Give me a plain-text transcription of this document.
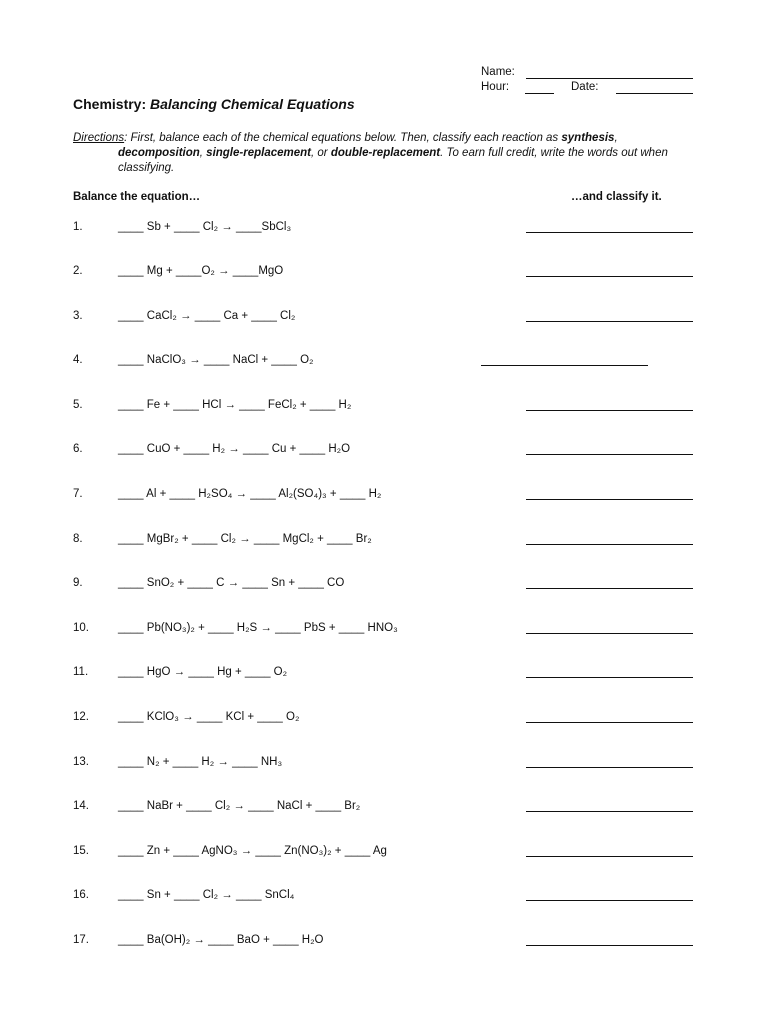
Name:
Hour:	Date:
Chemistry: Balancing Chemical Equations
Directions: First, balance each of the chemical equations below. Then, classify each reaction as synthesis,
decomposition, single-replacement, or double-replacement. To earn full credit, write the words out when classifying.
Balance the equation…	…and classify it.
1.	____ Sb + ____ Cl₂ → ____SbCl₃
2.	____ Mg + ____O₂ → ____MgO
3.	____ CaCl₂ → ____ Ca + ____ Cl₂
4.	____ NaClO₃ → ____ NaCl + ____ O₂
5.	____ Fe + ____ HCl → ____ FeCl₂ + ____ H₂
6.	____ CuO + ____ H₂ → ____ Cu + ____ H₂O
7.	____ Al + ____ H₂SO₄ → ____ Al₂(SO₄)₃ + ____ H₂
8.	____ MgBr₂ + ____ Cl₂ → ____ MgCl₂ + ____ Br₂
9.	____ SnO₂ + ____ C → ____ Sn + ____ CO
10.	____ Pb(NO₃)₂ + ____ H₂S → ____ PbS + ____ HNO₃
11.	____ HgO → ____ Hg + ____ O₂
12.	____ KClO₃ → ____ KCl + ____ O₂
13.	____ N₂ + ____ H₂ → ____ NH₃
14.	____ NaBr + ____ Cl₂ → ____ NaCl + ____ Br₂
15.	____ Zn + ____ AgNO₃ → ____ Zn(NO₃)₂ + ____ Ag
16.	____ Sn + ____ Cl₂ → ____ SnCl₄
17.	____ Ba(OH)₂ → ____ BaO + ____ H₂O
